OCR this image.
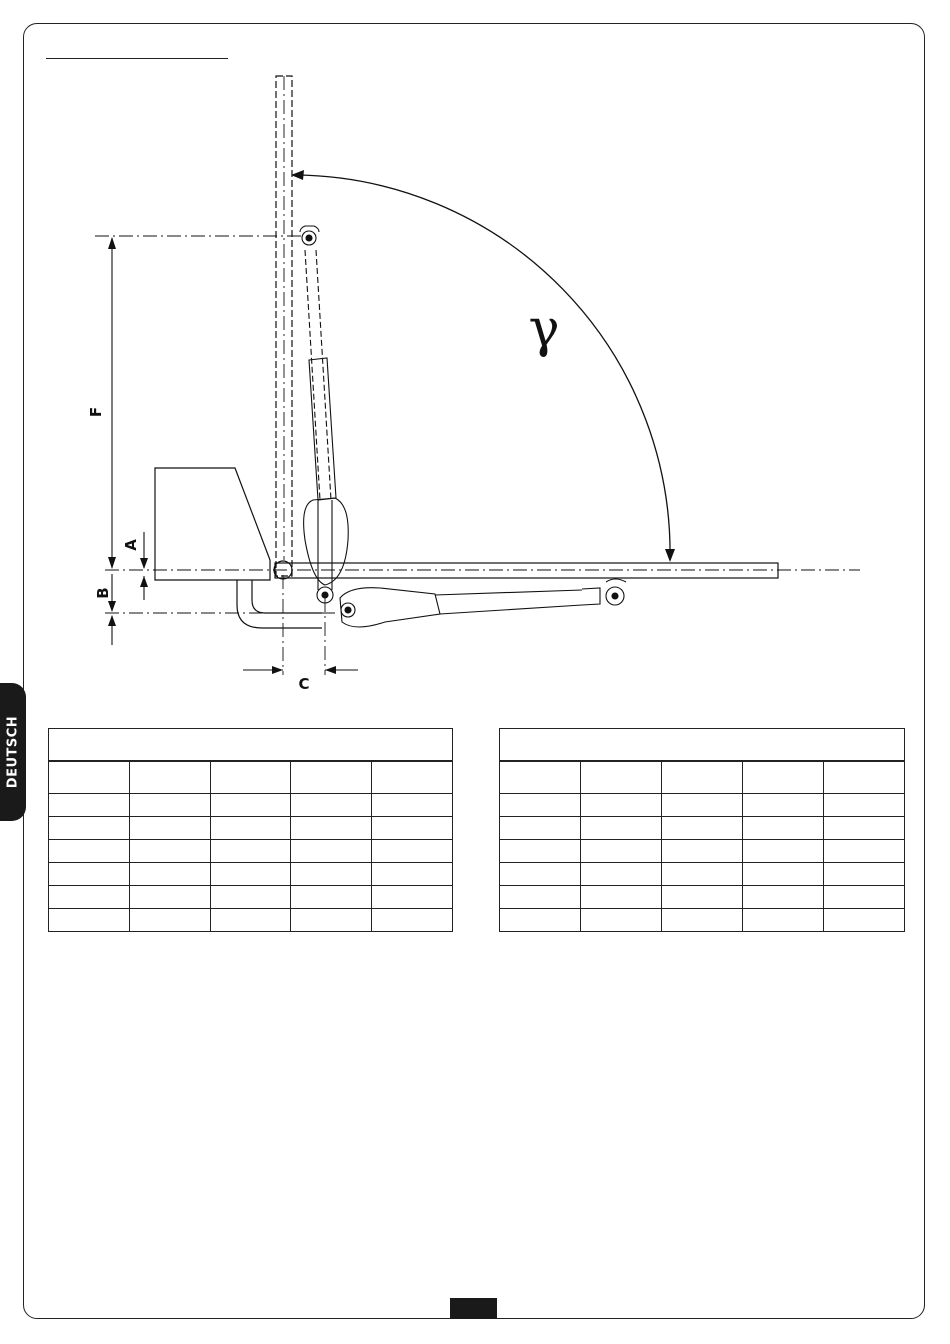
DEUTSCH
F
A
B
C
γ
